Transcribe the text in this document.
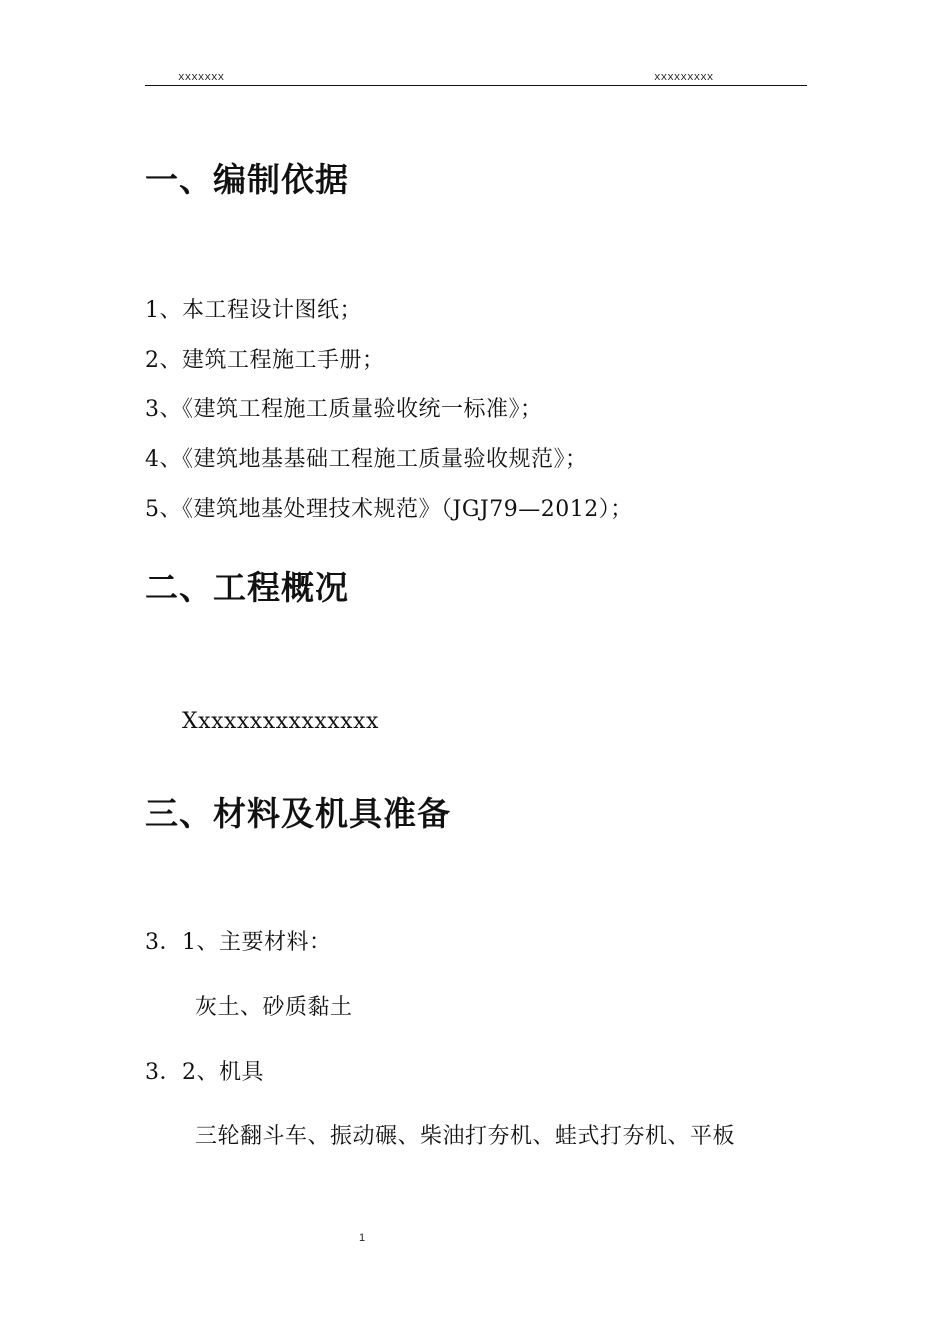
xxxxxxx	xxxxxxxxx
一、编制依据
1、本工程设计图纸；
2、建筑工程施工手册；
3、《建筑工程施工质量验收统一标准》；
4、《建筑地基基础工程施工质量验收规范》；
5、《建筑地基处理技术规范》（JGJ79—2012）；
二、工程概况
Xxxxxxxxxxxxxxx
三、材料及机具准备
3．1、主要材料：
灰土、砂质黏土
3．2、机具
三轮翻斗车、振动碾、柴油打夯机、蛙式打夯机、平板
1
